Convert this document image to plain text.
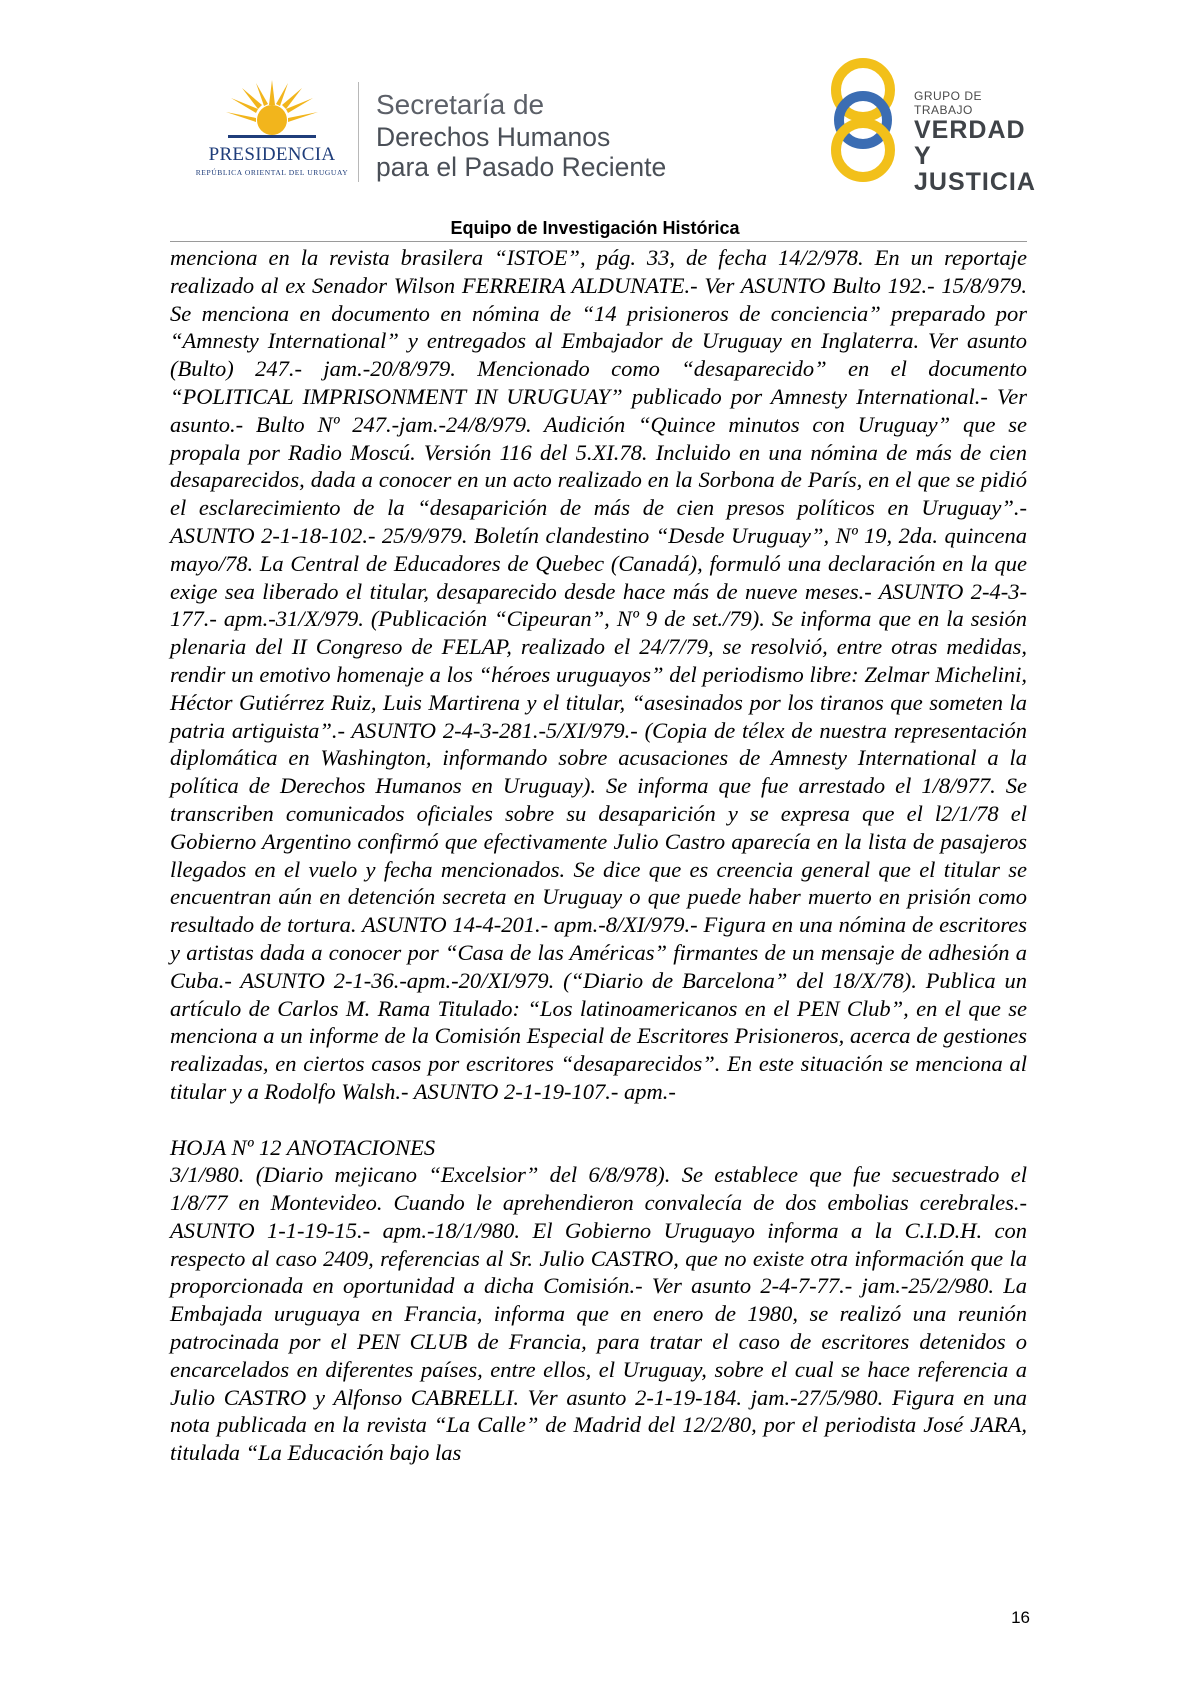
PRESIDENCIA
REPÚBLICA ORIENTAL DEL URUGUAY
Secretaría de
Derechos Humanos
para el Pasado Reciente
GRUPO DE TRABAJO
VERDAD Y
JUSTICIA
Equipo de Investigación Histórica

menciona en la revista brasilera “ISTOE”, pág. 33, de fecha 14/2/978. En un reportaje realizado al ex Senador Wilson FERREIRA ALDUNATE.- Ver ASUNTO Bulto 192.- 15/8/979. Se menciona en documento en nómina de “14 prisioneros de conciencia” preparado por “Amnesty International” y entregados al Embajador de Uruguay en Inglaterra. Ver asunto (Bulto) 247.- jam.-20/8/979. Mencionado como “desaparecido” en el documento “POLITICAL IMPRISONMENT IN URUGUAY” publicado por Amnesty International.- Ver asunto.- Bulto Nº 247.-jam.-24/8/979. Audición “Quince minutos con Uruguay” que se propala por Radio Moscú. Versión 116 del 5.XI.78. Incluido en una nómina de más de cien desaparecidos, dada a conocer en un acto realizado en la Sorbona de París, en el que se pidió el esclarecimiento de la “desaparición de más de cien presos políticos en Uruguay”.- ASUNTO 2-1-18-102.- 25/9/979. Boletín clandestino “Desde Uruguay”, Nº 19, 2da. quincena mayo/78. La Central de Educadores de Quebec (Canadá), formuló una declaración en la que exige sea liberado el titular, desaparecido desde hace más de nueve meses.- ASUNTO 2-4-3-177.- apm.-31/X/979. (Publicación “Cipeuran”, Nº 9 de set./79). Se informa que en la sesión plenaria del II Congreso de FELAP, realizado el 24/7/79, se resolvió, entre otras medidas, rendir un emotivo homenaje a los “héroes uruguayos” del periodismo libre: Zelmar Michelini, Héctor Gutiérrez Ruiz, Luis Martirena y el titular, “asesinados por los tiranos que someten la patria artiguista”.- ASUNTO 2-4-3-281.-5/XI/979.- (Copia de télex de nuestra representación diplomática en Washington, informando sobre acusaciones de Amnesty International a la política de Derechos Humanos en Uruguay). Se informa que fue arrestado el 1/8/977. Se transcriben comunicados oficiales sobre su desaparición y se expresa que el l2/1/78 el Gobierno Argentino confirmó que efectivamente Julio Castro aparecía en la lista de pasajeros llegados en el vuelo y fecha mencionados. Se dice que es creencia general que el titular se encuentran aún en detención secreta en Uruguay o que puede haber muerto en prisión como resultado de tortura. ASUNTO 14-4-201.- apm.-8/XI/979.- Figura en una nómina de escritores y artistas dada a conocer por “Casa de las Américas” firmantes de un mensaje de adhesión a Cuba.- ASUNTO 2-1-36.-apm.-20/XI/979. (“Diario de Barcelona” del 18/X/78). Publica un artículo de Carlos M. Rama Titulado: “Los latinoamericanos en el PEN Club”, en el que se menciona a un informe de la Comisión Especial de Escritores Prisioneros, acerca de gestiones realizadas, en ciertos casos por escritores “desaparecidos”. En este situación se menciona al titular y a Rodolfo Walsh.- ASUNTO 2-1-19-107.- apm.-

HOJA Nº 12 ANOTACIONES

3/1/980. (Diario mejicano “Excelsior” del 6/8/978). Se establece que fue secuestrado el 1/8/77 en Montevideo. Cuando le aprehendieron convalecía de dos embolias cerebrales.- ASUNTO 1-1-19-15.- apm.-18/1/980. El Gobierno Uruguayo informa a la C.I.D.H. con respecto al caso 2409, referencias al Sr. Julio CASTRO, que no existe otra información que la proporcionada en oportunidad a dicha Comisión.- Ver asunto 2-4-7-77.- jam.-25/2/980. La Embajada uruguaya en Francia, informa que en enero de 1980, se realizó una reunión patrocinada por el PEN CLUB de Francia, para tratar el caso de escritores detenidos o encarcelados en diferentes países, entre ellos, el Uruguay, sobre el cual se hace referencia a Julio CASTRO y Alfonso CABRELLI. Ver asunto 2-1-19-184. jam.-27/5/980. Figura en una nota publicada en la revista “La Calle” de Madrid del 12/2/80, por el periodista José JARA, titulada “La Educación bajo las

16
